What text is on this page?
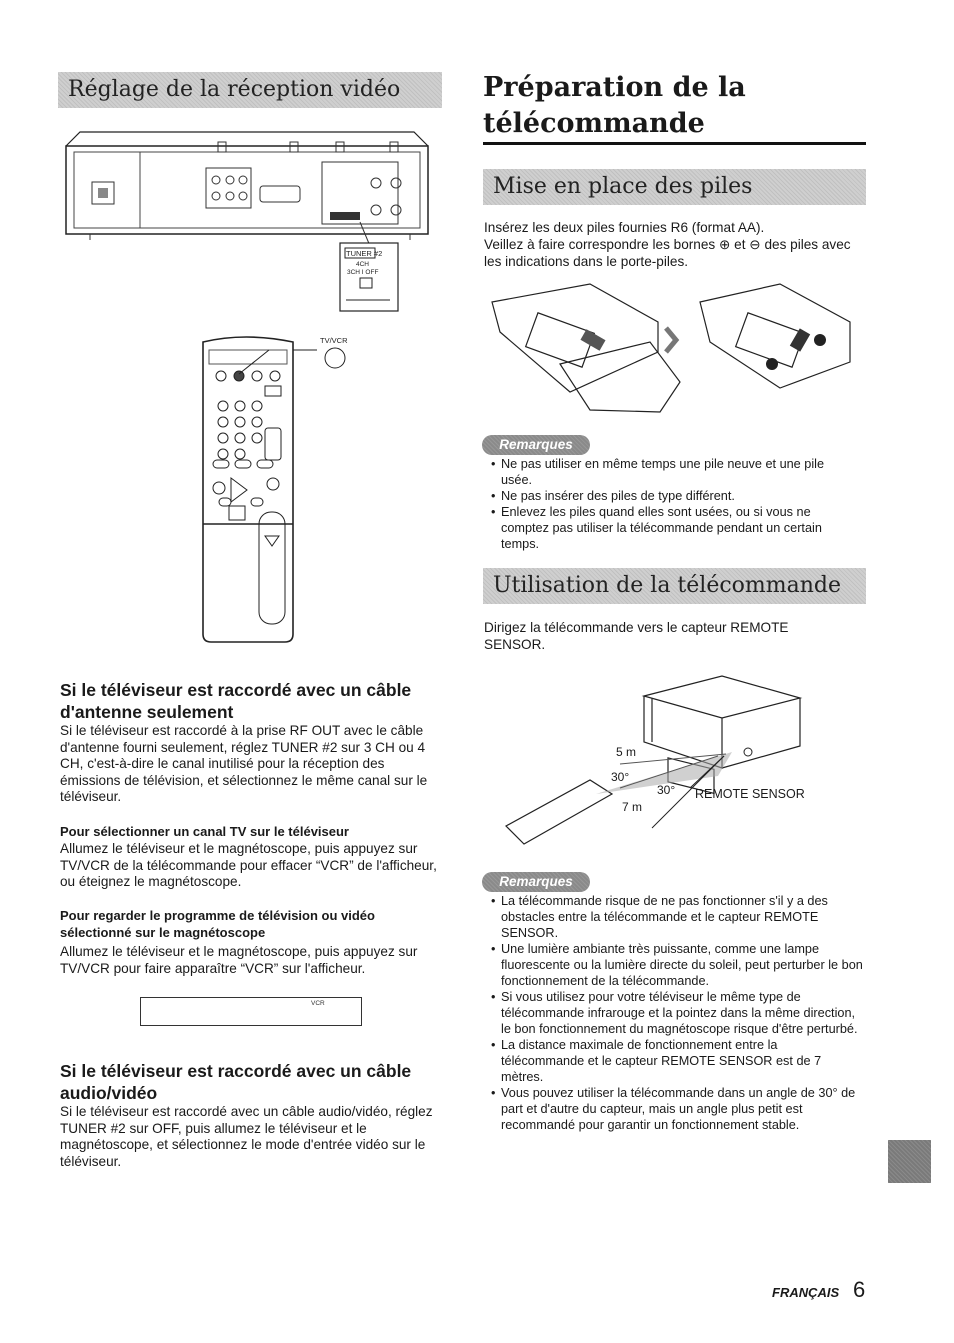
Réglage de la réception vidéo
TUNER #2
4CH
3CH I OFF
TV/VCR
Si le téléviseur est raccordé avec un câble d'antenne seulement
Si le téléviseur est raccordé à la prise RF OUT avec le câble d'antenne fourni seulement, réglez TUNER #2 sur 3 CH ou 4 CH, c'est-à-dire le canal inutilisé pour la réception des émissions de télévision, et sélectionnez le même canal sur le téléviseur.
Pour sélectionner un canal TV sur le téléviseur
Allumez le téléviseur et le magnétoscope, puis appuyez sur TV/VCR de la télécommande pour effacer “VCR” de l'afficheur, ou éteignez le magnétoscope.
Pour regarder le programme de télévision ou vidéo sélectionné sur le magnétoscope
Allumez le téléviseur et le magnétoscope, puis appuyez sur TV/VCR pour faire apparaître “VCR” sur l'afficheur.
VCR
Si le téléviseur est raccordé avec un câble audio/vidéo
Si le téléviseur est raccordé avec un câble audio/vidéo, réglez TUNER #2 sur OFF, puis allumez le téléviseur et le magnétoscope, et sélectionnez le mode d'entrée vidéo sur le téléviseur.
Préparation de la
télécommande
Mise en place des piles
Insérez les deux piles fournies R6 (format AA).
Veillez à faire correspondre les bornes ⊕ et ⊖ des piles avec les indications dans le porte-piles.
Remarques
• Ne pas utiliser en même temps une pile neuve et une pile usée.
• Ne pas insérer des piles de type différent.
• Enlevez les piles quand elles sont usées, ou si vous ne comptez pas utiliser la télécommande pendant un certain temps.
Utilisation de la télécommande
Dirigez la télécommande vers le capteur REMOTE SENSOR.
5 m
30°
30°
7 m
REMOTE SENSOR
Remarques
• La télécommande risque de ne pas fonctionner s'il y a des obstacles entre la télécommande et le capteur REMOTE SENSOR.
• Une lumière ambiante très puissante, comme une lampe fluorescente ou la lumière directe du soleil, peut perturber le bon fonctionnement de la télécommande.
• Si vous utilisez pour votre téléviseur le même type de télécommande infrarouge et la pointez dans la même direction, le bon fonctionnement du magnétoscope risque d'être perturbé.
• La distance maximale de fonctionnement entre la télécommande et le capteur REMOTE SENSOR est de 7 mètres.
• Vous pouvez utiliser la télécommande dans un angle de 30° de part et d'autre du capteur, mais un angle plus petit est recommandé pour garantir un fonctionnement stable.
FRANÇAIS 6
